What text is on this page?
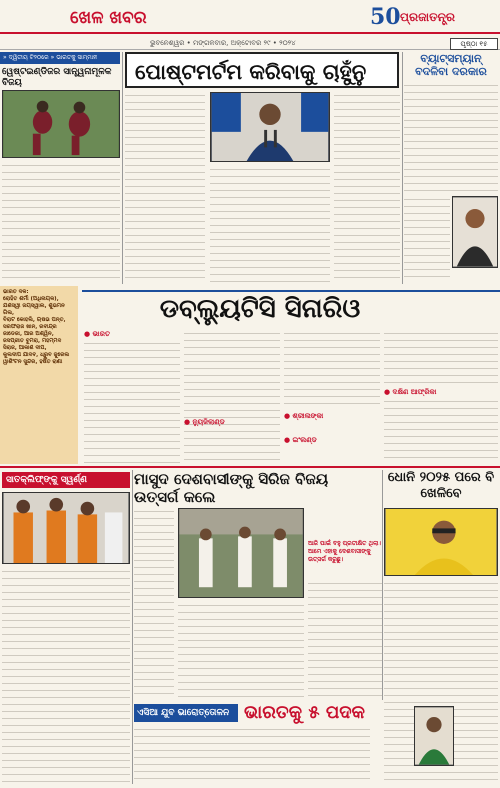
ଖେଳ ଖବର	50 ପ୍ରଜାତନ୍ତ୍ର
ଭୁବନେଶ୍ୱର • ମଙ୍ଗଳବାର, ଅକ୍ଟୋବର ୨୯ • ୨୦୨୪	ପୃଷ୍ଠା ୧୫
» ଦ୍ୱିତୀୟ ଟି୨୦ରେ » ଭାରତକୁ ସାମ୍ମାନ
ୱେଷ୍ଟଇଣ୍ଡିଜର ସାନ୍ତ୍ୱନାମୂଳକ ବିଜୟ	ପୋଷ୍ଟମର୍ଟମ କରିବାକୁ ଚାହୁଁନୁ
ବ୍ୟାଟ୍ସମ୍ୟାନ୍ ବଦଳିବା ଦରକାର
ଡବ୍ଲ୍ୟୁଟିସି ସିନାରିଓ
ଭାରତ ଦଳ:
ରୋହିତ ଶର୍ମା (ଅଧିନାୟକ),
ଯଶସ୍ୱୀ ଜୟସ୍ୱାଲ, ଶୁଭମନ ଗିଲ,
ବିରାଟ କୋହଲି, ଋଷଭ ପନ୍ତ,
ସରଫରାଜ ଖାନ, ରବୀନ୍ଦ୍ର
ଜାଡେଜା, ଆର ଅଶ୍ୱିନ,
ଜସପ୍ରୀତ ବୁମରା, ମହମ୍ମଦ
ସିରାଜ, ଆକାଶ ଦୀପ,
କୁଲଦୀପ ଯାଦବ, ଧ୍ରୁବ ଜୁରେଲ
ୱାଶିଂଟନ ସୁନ୍ଦର, ହର୍ଷିତ ରାଣା
● ଭାରତ
● ଶ୍ରୀଲଙ୍କା
● ନ୍ୟୁଜିଲାଣ୍ଡ
● ଦକ୍ଷିଣ ଆଫ୍ରିକା
● ଇଂଲଣ୍ଡ
ସାତକ୍ଲିଫ୍ଙ୍କୁ ସ୍ୱର୍ଣ୍ଣ	ମାସୁଦ ଦେଶବାସୀଙ୍କୁ ସିରିଜ ବିଜୟ ଉତ୍ସର୍ଗ କଲେ
ଆଜି ପାଇଁ ବହୁ ପ୍ରତୀକ୍ଷିତ ଥିଲା। ଆମେ ଏହାକୁ ଦେଶବାସୀଙ୍କୁ ଉତ୍ସର୍ଗ କରୁଛୁ।
ଧୋନି ୨୦୨୫ ପରେ ବି ଖେଳିବେ
ଏସିଆ ଯୁବ ଭାରୋତ୍ତୋଳନ ଭାରତକୁ ୫ ପଦକ
